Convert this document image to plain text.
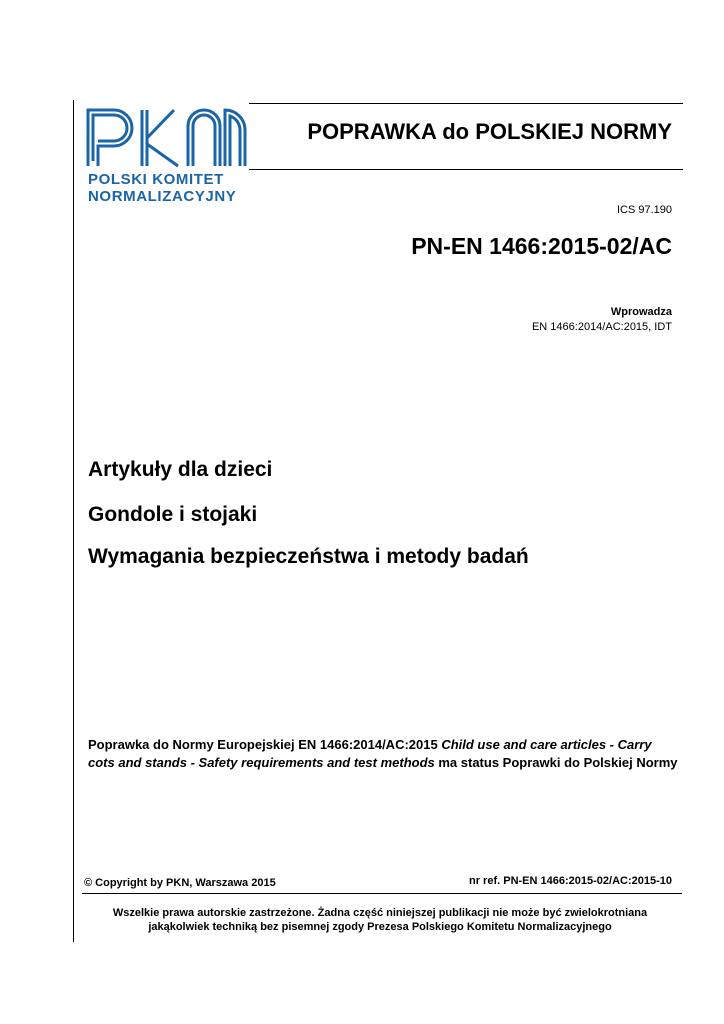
POLSKI KOMITET
NORMALIZACYJNY
POPRAWKA do POLSKIEJ NORMY
ICS 97.190
PN-EN 1466:2015-02/AC
Wprowadza
EN 1466:2014/AC:2015, IDT
Artykuły dla dzieci
Gondole i stojaki
Wymagania bezpieczeństwa i metody badań
Poprawka do Normy Europejskiej EN 1466:2014/AC:2015 Child use and care articles - Carry cots and stands - Safety requirements and test methods ma status Poprawki do Polskiej Normy
© Copyright by PKN, Warszawa 2015	nr ref. PN-EN 1466:2015-02/AC:2015-10
Wszelkie prawa autorskie zastrzeżone. Żadna część niniejszej publikacji nie może być zwielokrotniana
jakąkolwiek techniką bez pisemnej zgody Prezesa Polskiego Komitetu Normalizacyjnego
